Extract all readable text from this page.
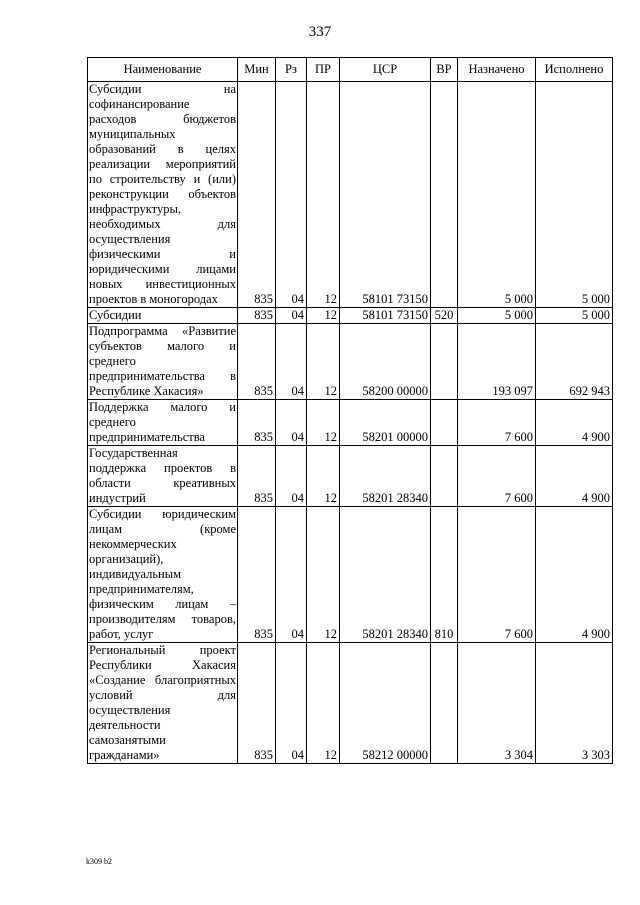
337
Наименование	Мин	Рз	ПР	ЦСР	ВР	Назначено	Исполнено
Субсидии на софинансирование расходов бюджетов муниципальных образований в целях реализации мероприятий по строительству и (или) реконструкции объектов инфраструктуры, необходимых для осуществления физическими и юридическими лицами новых инвестиционных проектов в моногородах	835	04	12	58101 73150		5 000	5 000
Субсидии	835	04	12	58101 73150	520	5 000	5 000
Подпрограмма «Развитие субъектов малого и среднего предпринимательства в Республике Хакасия»	835	04	12	58200 00000		193 097	692 943
Поддержка малого и среднего предпринимательства	835	04	12	58201 00000		7 600	4 900
Государственная поддержка проектов в области креативных индустрий	835	04	12	58201 28340		7 600	4 900
Субсидии юридическим лицам (кроме некоммерческих организаций), индивидуальным предпринимателям, физическим лицам – производителям товаров, работ, услуг	835	04	12	58201 28340	810	7 600	4 900
Региональный проект Республики Хакасия «Создание благоприятных условий для осуществления деятельности самозанятыми гражданами»	835	04	12	58212 00000		3 304	3 303
k309 b2
